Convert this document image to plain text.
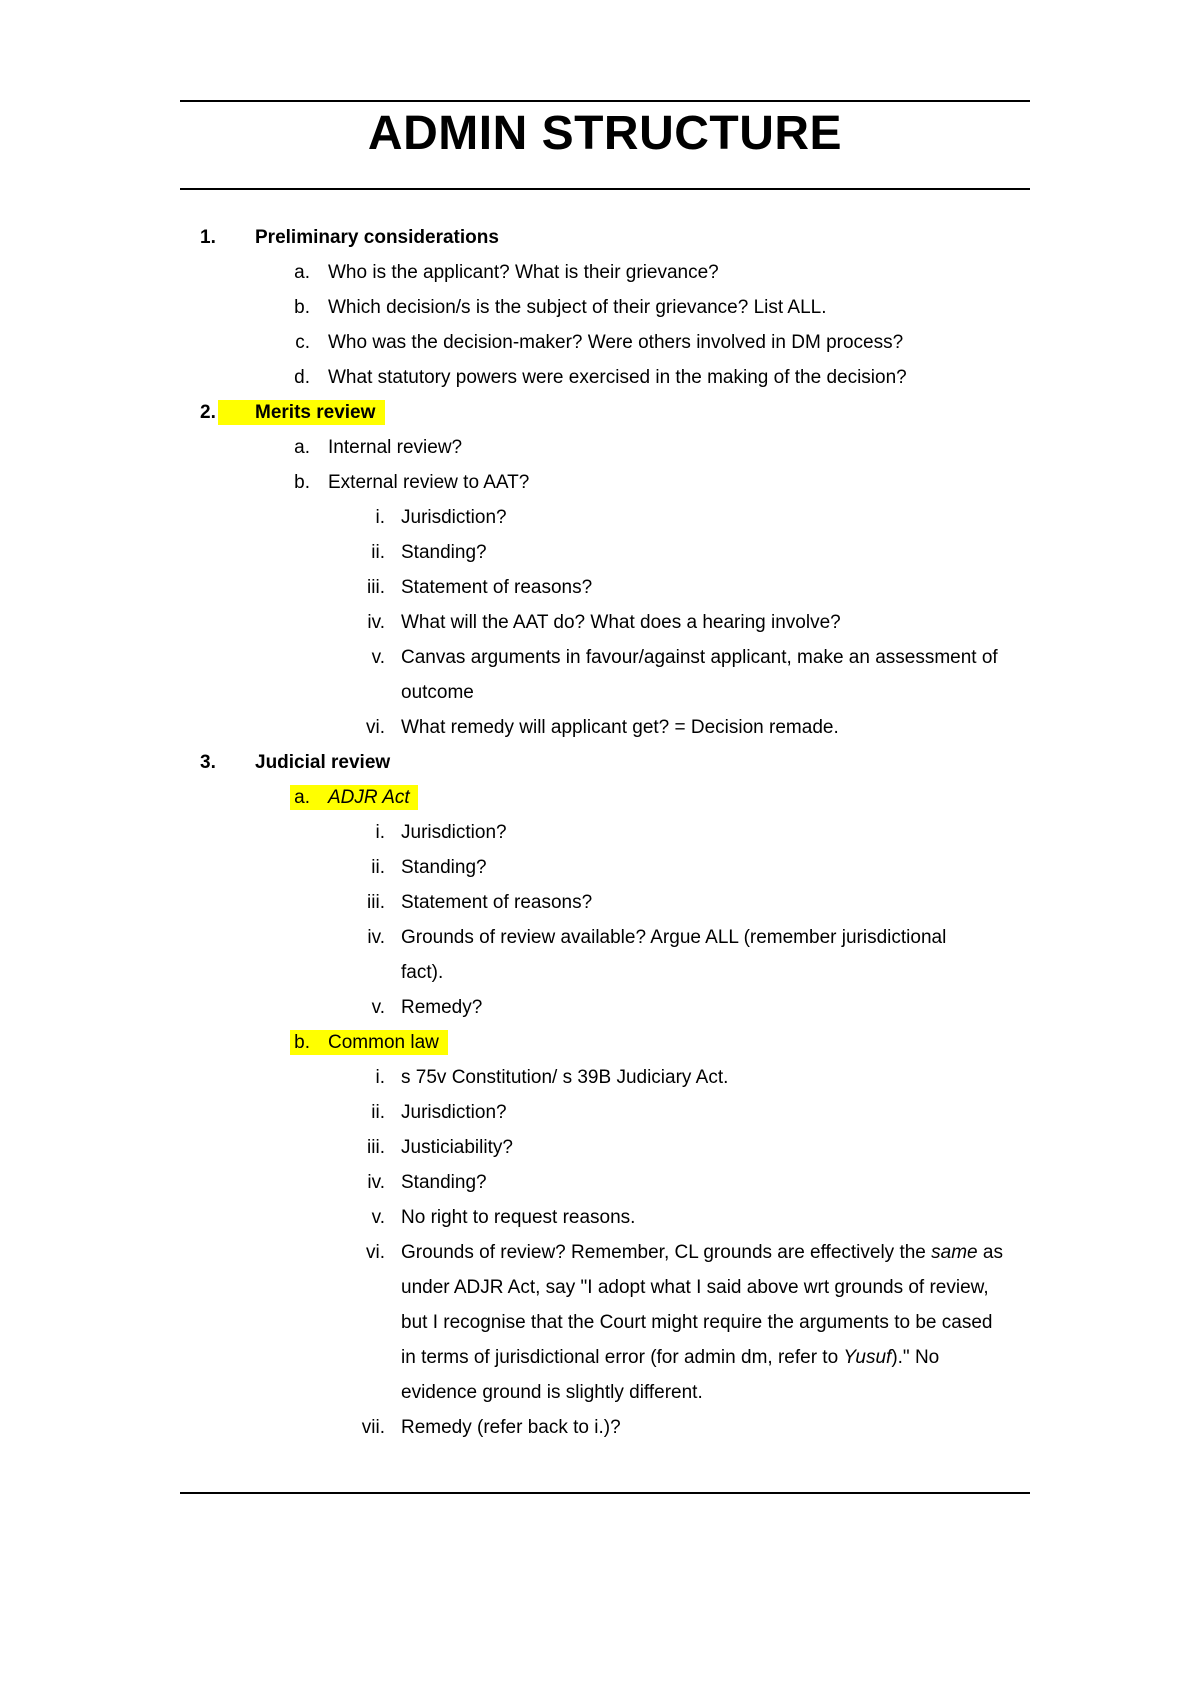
ADMIN STRUCTURE
1.	Preliminary considerations
a. Who is the applicant? What is their grievance?
b. Which decision/s is the subject of their grievance? List ALL.
c. Who was the decision-maker? Were others involved in DM process?
d. What statutory powers were exercised in the making of the decision?
2.	Merits review
a. Internal review?
b. External review to AAT?
i. Jurisdiction?
ii. Standing?
iii. Statement of reasons?
iv. What will the AAT do? What does a hearing involve?
v. Canvas arguments in favour/against applicant, make an assessment of
outcome
vi. What remedy will applicant get? = Decision remade.
3.	Judicial review
a. ADJR Act
i. Jurisdiction?
ii. Standing?
iii. Statement of reasons?
iv. Grounds of review available? Argue ALL (remember jurisdictional
fact).
v. Remedy?
b. Common law
i. s 75v Constitution/ s 39B Judiciary Act.
ii. Jurisdiction?
iii. Justiciability?
iv. Standing?
v. No right to request reasons.
vi. Grounds of review? Remember, CL grounds are effectively the same as
under ADJR Act, say "I adopt what I said above wrt grounds of review,
but I recognise that the Court might require the arguments to be cased
in terms of jurisdictional error (for admin dm, refer to Yusuf)." No
evidence ground is slightly different.
vii. Remedy (refer back to i.)?
